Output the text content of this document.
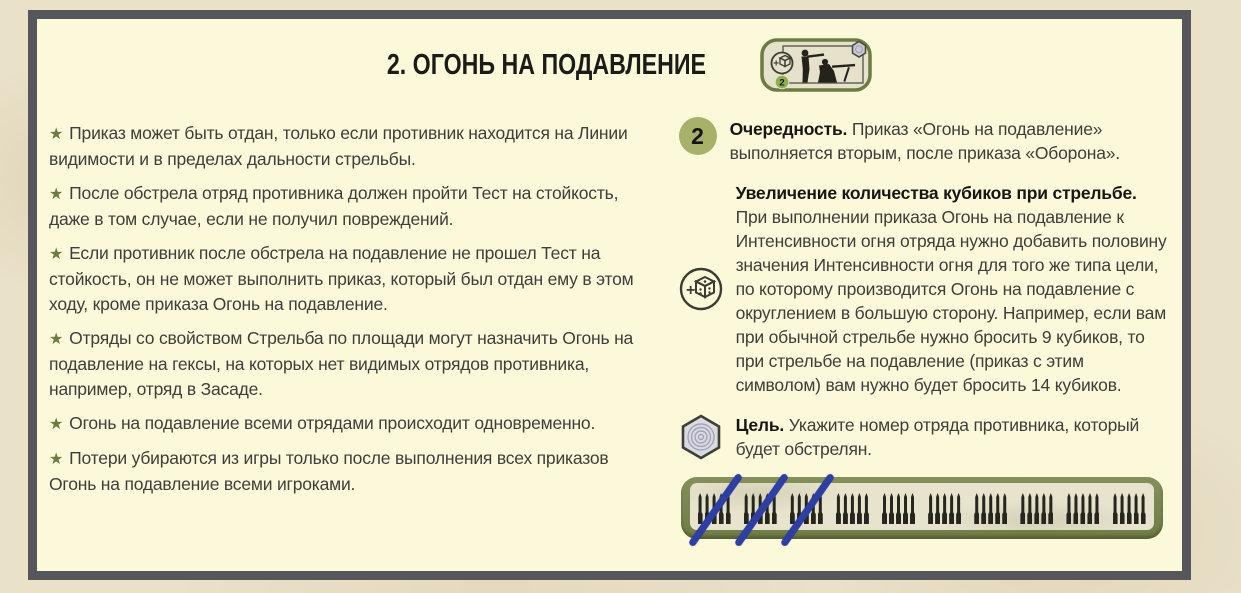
2. ОГОНЬ НА ПОДАВЛЕНИЕ	+
2

★ Приказ может быть отдан, только если противник находится на Линии видимости и в пределах дальности стрельбы.

★ После обстрела отряд противника должен пройти Тест на стойкость, даже в том случае, если не получил повреждений.

★ Если противник после обстрела на подавление не прошел Тест на стойкость, он не может выполнить приказ, который был отдан ему в этом ходу, кроме приказа Огонь на подавление.

★ Отряды со свойством Стрельба по площади могут назначить Огонь на подавление на гексы, на которых нет видимых отрядов противника, например, отряд в Засаде.

★ Огонь на подавление всеми отрядами происходит одновременно.

★ Потери убираются из игры только после выполнения всех приказов Огонь на подавление всеми игроками.

2	Очередность. Приказ «Огонь на подавление» выполняется вторым, после приказа «Оборона».
+
Увеличение количества кубиков при стрельбе. При выполнении приказа Огонь на подавление к Интенсивности огня отряда нужно добавить половину значения Интенсивности огня для того же типа цели, по которому производится Огонь на подавление с округлением в большую сторону. Например, если вам при обычной стрельбе нужно бросить 9 кубиков, то при стрельбе на подавление (приказ с этим символом) вам нужно будет бросить 14 кубиков.
Цель. Укажите номер отряда противника, который будет обстрелян.
